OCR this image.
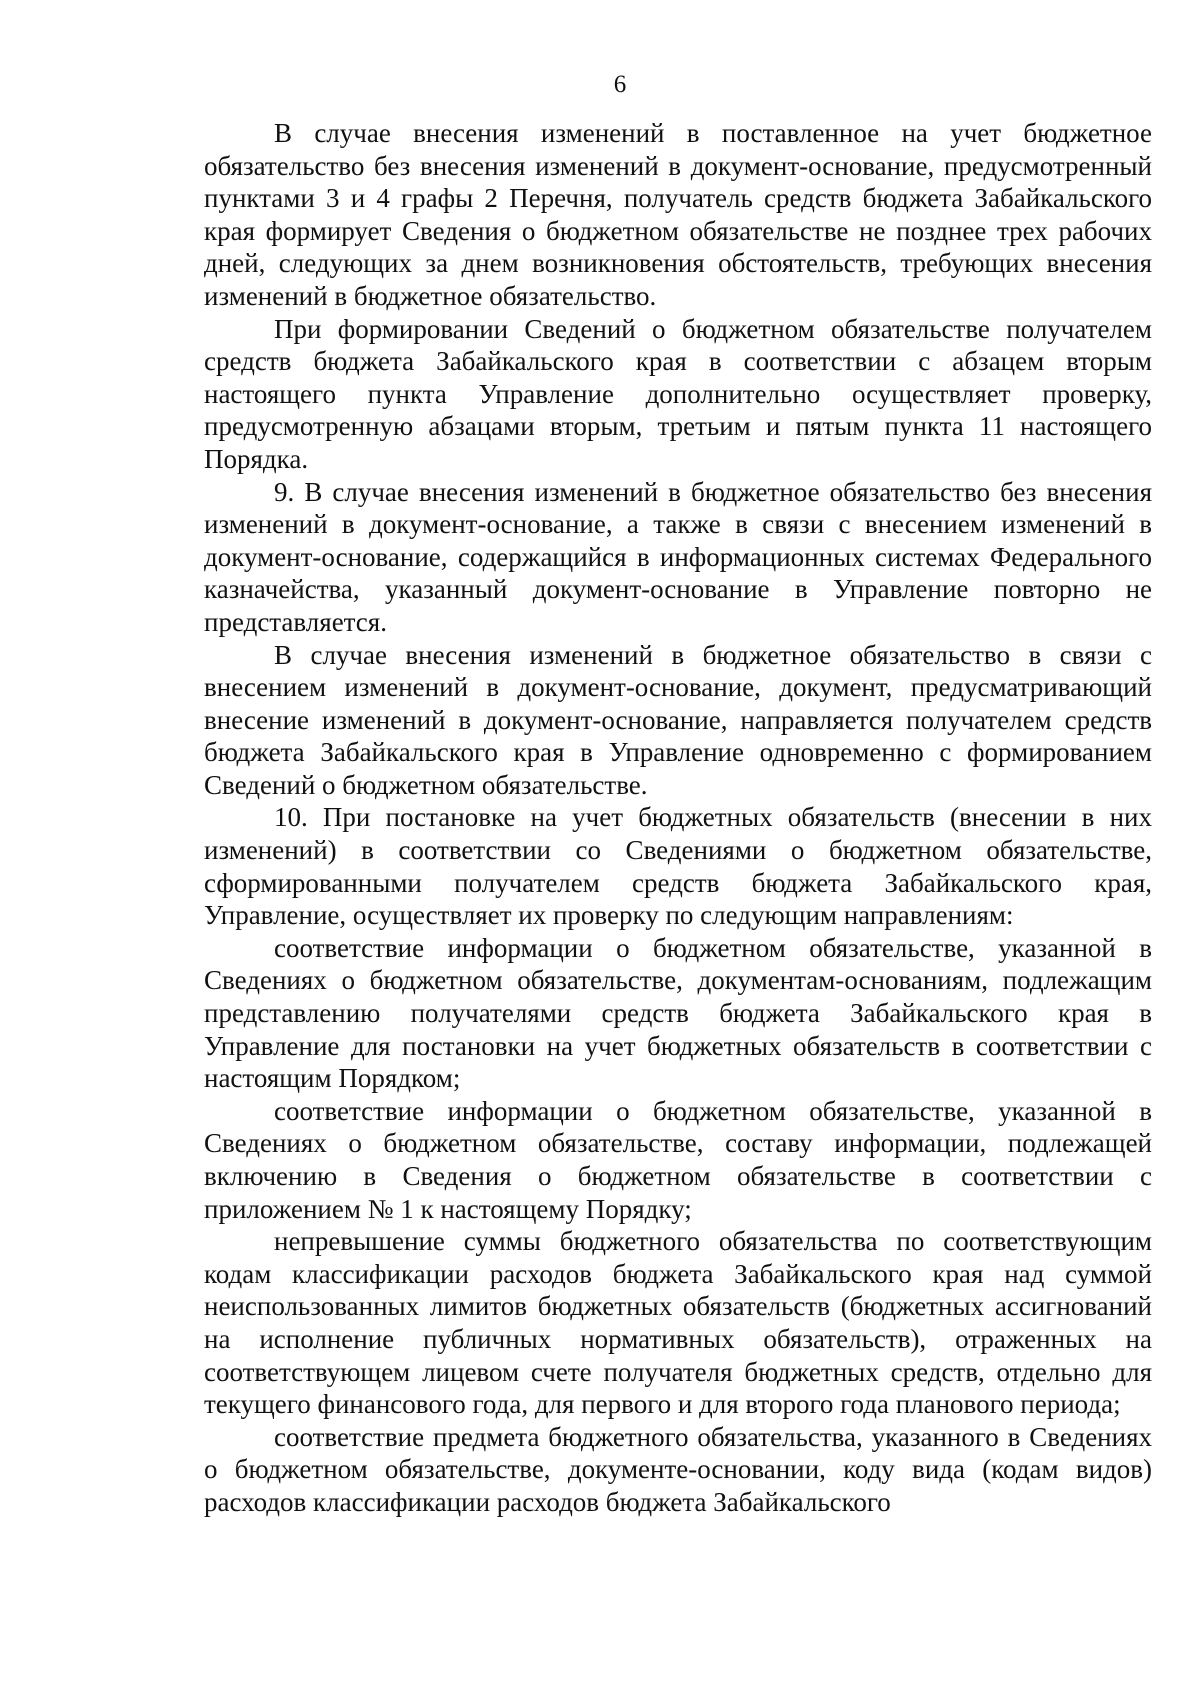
6

В случае внесения изменений в поставленное на учет бюджетное обязательство без внесения изменений в документ-основание, предусмотренный пунктами 3 и 4 графы 2 Перечня, получатель средств бюджета Забайкальского края формирует Сведения о бюджетном обязательстве не позднее трех рабочих дней, следующих за днем возникновения обстоятельств, требующих внесения изменений в бюджетное обязательство.

При формировании Сведений о бюджетном обязательстве получателем средств бюджета Забайкальского края в соответствии с абзацем вторым настоящего пункта Управление дополнительно осуществляет проверку, предусмотренную абзацами вторым, третьим и пятым пункта 11 настоящего Порядка.

9. В случае внесения изменений в бюджетное обязательство без внесения изменений в документ-основание, а также в связи с внесением изменений в документ-основание, содержащийся в информационных системах Федерального казначейства, указанный документ-основание в Управление повторно не представляется.

В случае внесения изменений в бюджетное обязательство в связи с внесением изменений в документ-основание, документ, предусматривающий внесение изменений в документ-основание, направляется получателем средств бюджета Забайкальского края в Управление одновременно с формированием Сведений о бюджетном обязательстве.

10. При постановке на учет бюджетных обязательств (внесении в них изменений) в соответствии со Сведениями о бюджетном обязательстве, сформированными получателем средств бюджета Забайкальского края, Управление, осуществляет их проверку по следующим направлениям:

соответствие информации о бюджетном обязательстве, указанной в Сведениях о бюджетном обязательстве, документам-основаниям, подлежащим представлению получателями средств бюджета Забайкальского края в Управление для постановки на учет бюджетных обязательств в соответствии с настоящим Порядком;

соответствие информации о бюджетном обязательстве, указанной в Сведениях о бюджетном обязательстве, составу информации, подлежащей включению в Сведения о бюджетном обязательстве в соответствии с приложением № 1 к настоящему Порядку;

непревышение суммы бюджетного обязательства по соответствующим кодам классификации расходов бюджета Забайкальского края над суммой неиспользованных лимитов бюджетных обязательств (бюджетных ассигнований на исполнение публичных нормативных обязательств), отраженных на соответствующем лицевом счете получателя бюджетных средств, отдельно для текущего финансового года, для первого и для второго года планового периода;

соответствие предмета бюджетного обязательства, указанного в Сведениях о бюджетном обязательстве, документе-основании, коду вида (кодам видов) расходов классификации расходов бюджета Забайкальского
